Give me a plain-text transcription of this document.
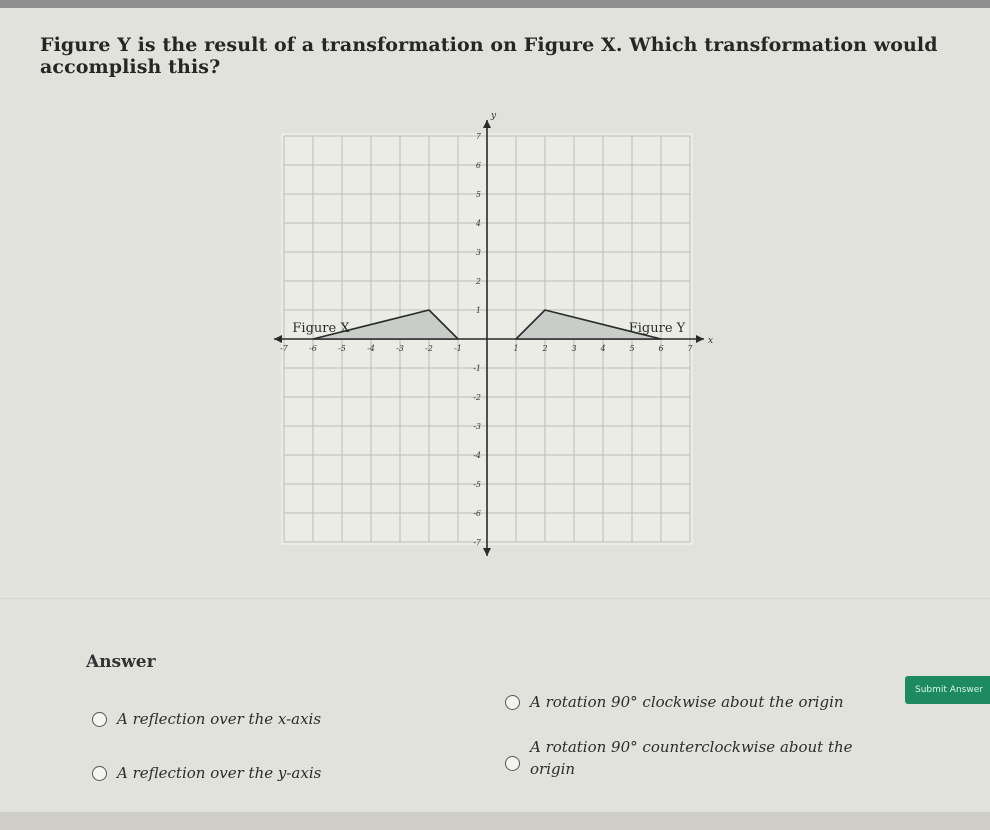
Figure Y is the result of a transformation on Figure X. Which transformation would accomplish this?
x
y
-7	-6	-5	-4	-3	-2	-1	1	2	3	4	5	6	7
-7
-6
-5
-4
-3
-2
-1
1
2
3
4
5
6
7
Figure X	Figure Y
Answer
A reflection over the x-axis
A reflection over the y-axis
A rotation 90° clockwise about the origin
A rotation 90° counterclockwise about the origin
Submit Answer
